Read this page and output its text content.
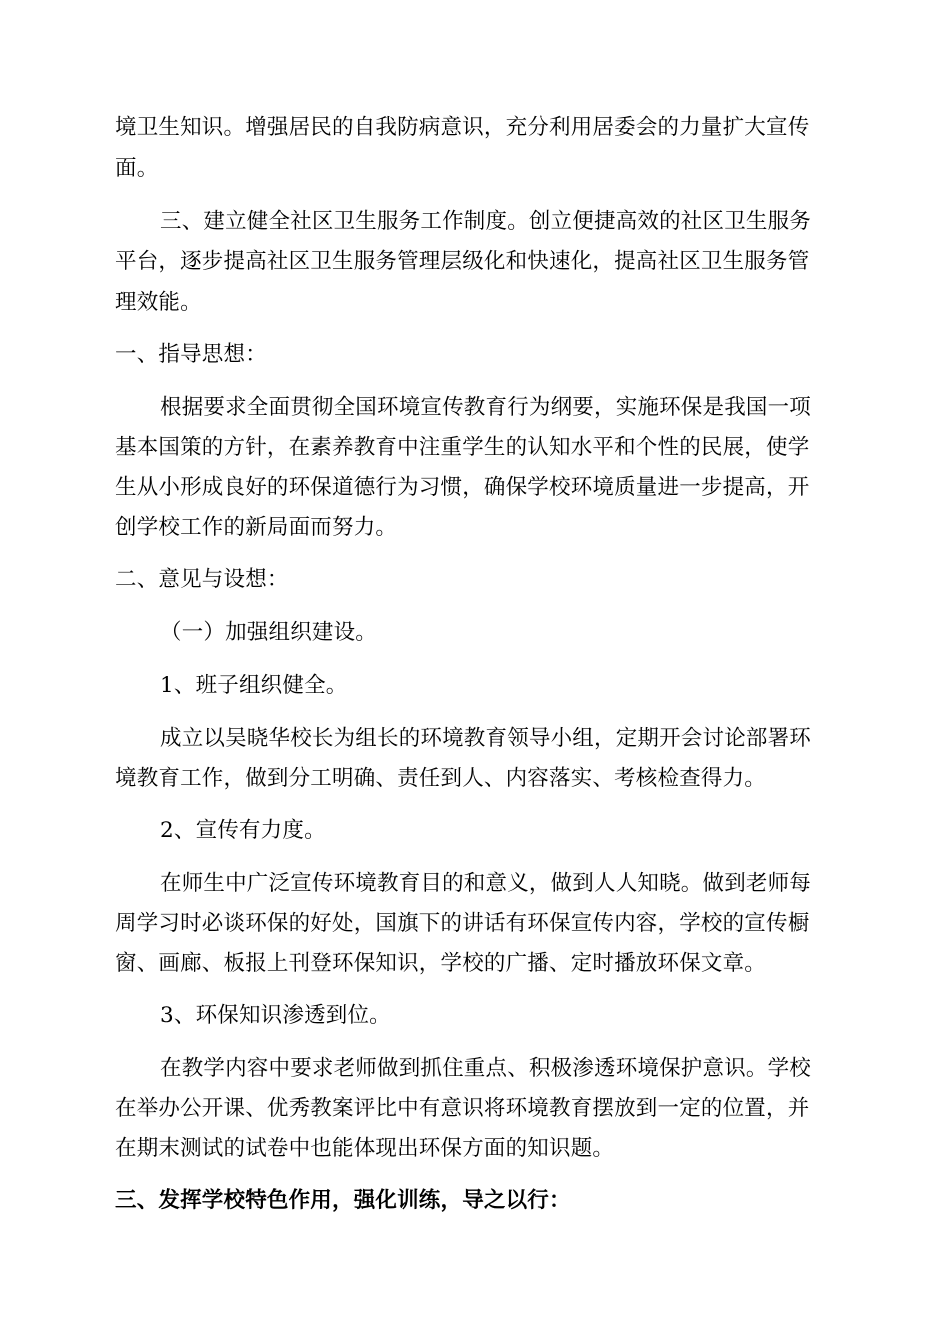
境卫生知识。增强居民的自我防病意识，充分利用居委会的力量扩大宣传
面。
三、建立健全社区卫生服务工作制度。创立便捷高效的社区卫生服务
平台，逐步提高社区卫生服务管理层级化和快速化，提高社区卫生服务管
理效能。
一、指导思想：
根据要求全面贯彻全国环境宣传教育行为纲要，实施环保是我国一项
基本国策的方针，在素养教育中注重学生的认知水平和个性的民展，使学
生从小形成良好的环保道德行为习惯，确保学校环境质量进一步提高，开
创学校工作的新局面而努力。
二、意见与设想：
（一）加强组织建设。
1、班子组织健全。
成立以吴晓华校长为组长的环境教育领导小组，定期开会讨论部署环
境教育工作，做到分工明确、责任到人、内容落实、考核检查得力。
2、宣传有力度。
在师生中广泛宣传环境教育目的和意义，做到人人知晓。做到老师每
周学习时必谈环保的好处，国旗下的讲话有环保宣传内容，学校的宣传橱
窗、画廊、板报上刊登环保知识，学校的广播、定时播放环保文章。
3、环保知识渗透到位。
在教学内容中要求老师做到抓住重点、积极渗透环境保护意识。学校
在举办公开课、优秀教案评比中有意识将环境教育摆放到一定的位置，并
在期末测试的试卷中也能体现出环保方面的知识题。
三、发挥学校特色作用，强化训练，导之以行：
